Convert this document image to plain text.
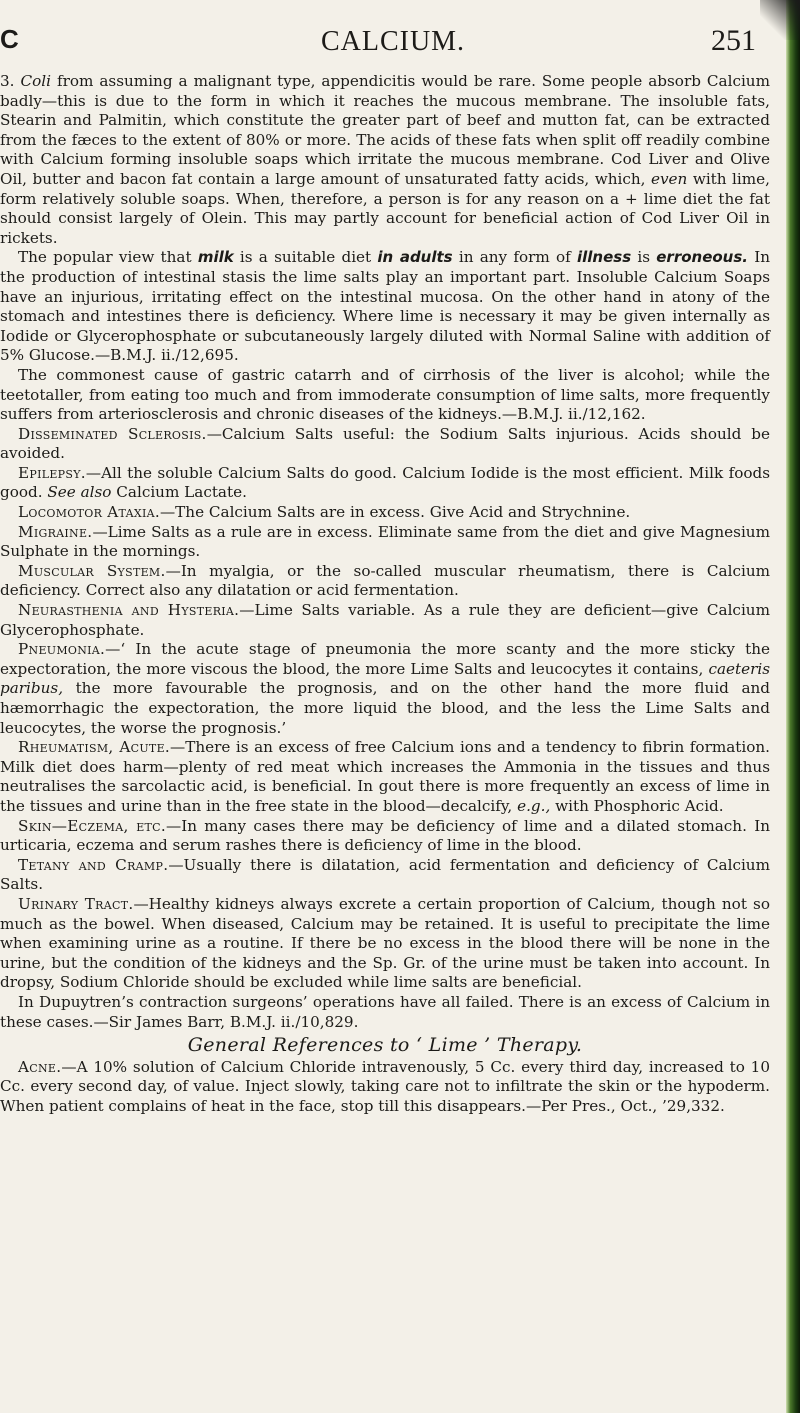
C	CALCIUM.	251

3. Coli from assuming a malignant type, appendicitis would be rare. Some people absorb Calcium badly—this is due to the form in which it reaches the mucous membrane. The insoluble fats, Stearin and Palmitin, which constitute the greater part of beef and mutton fat, can be extracted from the fæces to the extent of 80% or more. The acids of these fats when split off readily combine with Calcium forming insoluble soaps which irritate the mucous membrane. Cod Liver and Olive Oil, butter and bacon fat contain a large amount of unsaturated fatty acids, which, even with lime, form relatively soluble soaps. When, therefore, a person is for any reason on a + lime diet the fat should consist largely of Olein. This may partly account for beneficial action of Cod Liver Oil in rickets.

The popular view that milk is a suitable diet in adults in any form of illness is erroneous. In the production of intestinal stasis the lime salts play an important part. Insoluble Calcium Soaps have an injurious, irritating effect on the intestinal mucosa. On the other hand in atony of the stomach and intestines there is deficiency. Where lime is necessary it may be given internally as Iodide or Glycerophosphate or subcutaneously largely diluted with Normal Saline with addition of 5% Glucose.—B.M.J. ii./12,695.

The commonest cause of gastric catarrh and of cirrhosis of the liver is alcohol; while the teetotaller, from eating too much and from immoderate consumption of lime salts, more frequently suffers from arteriosclerosis and chronic diseases of the kidneys.—B.M.J. ii./12,162.

Disseminated Sclerosis.—Calcium Salts useful: the Sodium Salts injurious. Acids should be avoided.

Epilepsy.—All the soluble Calcium Salts do good. Calcium Iodide is the most efficient. Milk foods good. See also Calcium Lactate.

Locomotor Ataxia.—The Calcium Salts are in excess. Give Acid and Strychnine.

Migraine.—Lime Salts as a rule are in excess. Eliminate same from the diet and give Magnesium Sulphate in the mornings.

Muscular System.—In myalgia, or the so-called muscular rheumatism, there is Calcium deficiency. Correct also any dilatation or acid fermentation.

Neurasthenia and Hysteria.—Lime Salts variable. As a rule they are deficient—give Calcium Glycerophosphate.

Pneumonia.—‘ In the acute stage of pneumonia the more scanty and the more sticky the expectoration, the more viscous the blood, the more Lime Salts and leucocytes it contains, caeteris paribus, the more favourable the prognosis, and on the other hand the more fluid and hæmorrhagic the expectoration, the more liquid the blood, and the less the Lime Salts and leucocytes, the worse the prognosis.’

Rheumatism, Acute.—There is an excess of free Calcium ions and a tendency to fibrin formation. Milk diet does harm—plenty of red meat which increases the Ammonia in the tissues and thus neutralises the sarcolactic acid, is beneficial. In gout there is more frequently an excess of lime in the tissues and urine than in the free state in the blood—decalcify, e.g., with Phosphoric Acid.

Skin—Eczema, etc.—In many cases there may be deficiency of lime and a dilated stomach. In urticaria, eczema and serum rashes there is deficiency of lime in the blood.

Tetany and Cramp.—Usually there is dilatation, acid fermentation and deficiency of Calcium Salts.

Urinary Tract.—Healthy kidneys always excrete a certain proportion of Calcium, though not so much as the bowel. When diseased, Calcium may be retained. It is useful to precipitate the lime when examining urine as a routine. If there be no excess in the blood there will be none in the urine, but the condition of the kidneys and the Sp. Gr. of the urine must be taken into account. In dropsy, Sodium Chloride should be excluded while lime salts are beneficial.

In Dupuytren’s contraction surgeons’ operations have all failed. There is an excess of Calcium in these cases.—Sir James Barr, B.M.J. ii./10,829.

General References to ‘ Lime ’ Therapy.

Acne.—A 10% solution of Calcium Chloride intravenously, 5 Cc. every third day, increased to 10 Cc. every second day, of value. Inject slowly, taking care not to infiltrate the skin or the hypoderm. When patient complains of heat in the face, stop till this disappears.—Per Pres., Oct., ’29,332.
